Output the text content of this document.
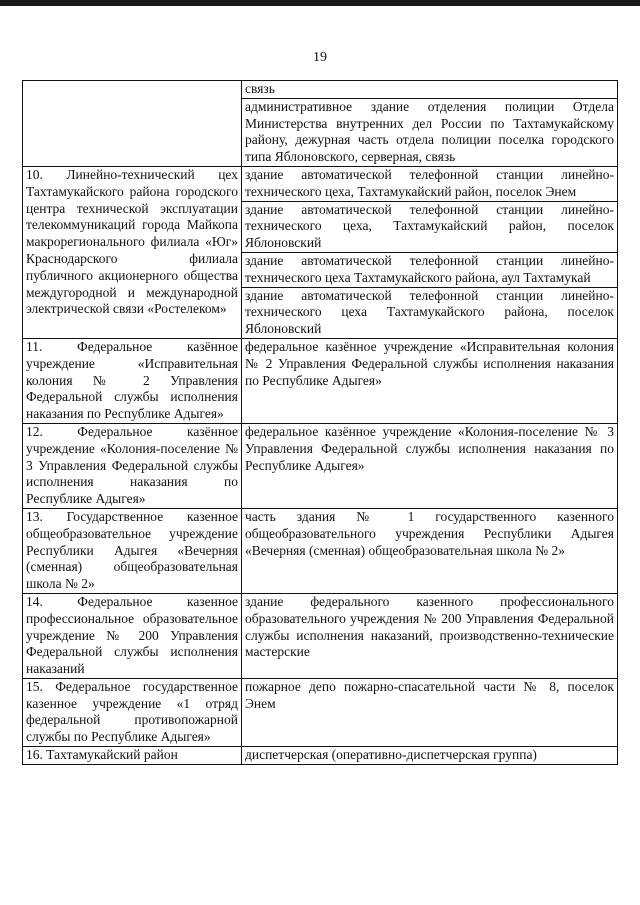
19
	связь
	административное здание отделения полиции Отдела Министерства внутренних дел России по Тахтамукайскому району, дежурная часть отдела полиции поселка городского типа Яблоновского, серверная, связь
10. Линейно-технический цех Тахтамукайского района городского центра технической эксплуатации телекоммуникаций города Майкопа макрорегионального филиала «Юг» Краснодарского филиала публичного акционерного общества междугородной и международной электрической связи «Ростелеком»	здание автоматической телефонной станции линейно-технического цеха, Тахтамукайский район, поселок Энем
	здание автоматической телефонной станции линейно-технического цеха, Тахтамукайский район, поселок Яблоновский
	здание автоматической телефонной станции линейно-технического цеха Тахтамукайского района, аул Тахтамукай
	здание автоматической телефонной станции линейно-технического цеха Тахтамукайского района, поселок Яблоновский
11. Федеральное казённое учреждение «Исправительная колония № 2 Управления Федеральной службы исполнения наказания по Республике Адыгея»	федеральное казённое учреждение «Исправительная колония № 2 Управления Федеральной службы исполнения наказания по Республике Адыгея»
12. Федеральное казённое учреждение «Колония-поселение № 3 Управления Федеральной службы исполнения наказания по Республике Адыгея»	федеральное казённое учреждение «Колония-поселение № 3 Управления Федеральной службы исполнения наказания по Республике Адыгея»
13. Государственное казенное общеобразовательное учреждение Республики Адыгея «Вечерняя (сменная) общеобразовательная школа № 2»	часть здания № 1 государственного казенного общеобразовательного учреждения Республики Адыгея «Вечерняя (сменная) общеобразовательная школа № 2»
14. Федеральное казенное профессиональное образовательное учреждение № 200 Управления Федеральной службы исполнения наказаний	здание федерального казенного профессионального образовательного учреждения № 200 Управления Федеральной службы исполнения наказаний, производственно-технические мастерские
15. Федеральное государственное казенное учреждение «1 отряд федеральной противопожарной службы по Республике Адыгея»	пожарное депо пожарно-спасательной части № 8, поселок Энем
16. Тахтамукайский район	диспетчерская (оперативно-диспетчерская группа)
